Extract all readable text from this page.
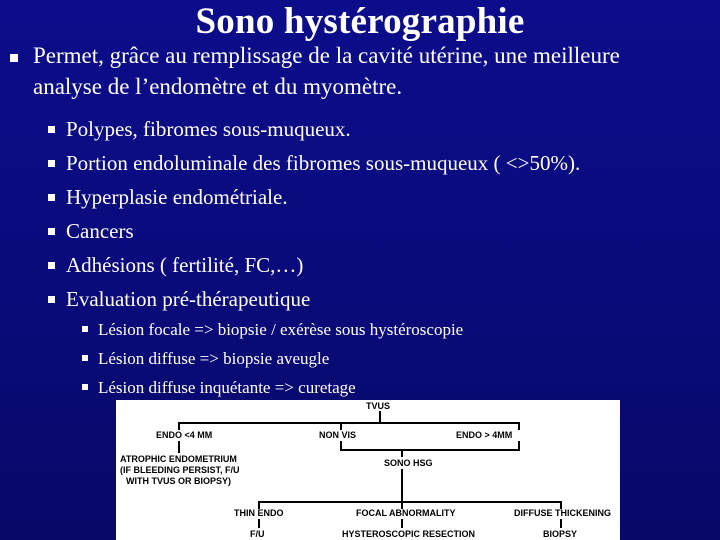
Sono hystérographie
Permet, grâce au remplissage de la cavité utérine, une meilleure analyse de l’endomètre et du myomètre.
Polypes, fibromes sous-muqueux.
Portion endoluminale des fibromes sous-muqueux ( <>50%).
Hyperplasie endométriale.
Cancers
Adhésions ( fertilité, FC,…)
Evaluation pré-thérapeutique
Lésion focale => biopsie / exérèse sous hystéroscopie
Lésion diffuse => biopsie aveugle
Lésion diffuse inquétante => curetage
TVUS
ENDO <4 MM	NON VIS	ENDO > 4MM
ATROPHIC ENDOMETRIUM
(IF BLEEDING PERSIST, F/U
WITH TVUS OR BIOPSY)
SONO HSG
THIN ENDO	FOCAL ABNORMALITY	DIFFUSE THICKENING
F/U	HYSTEROSCOPIC RESECTION	BIOPSY
